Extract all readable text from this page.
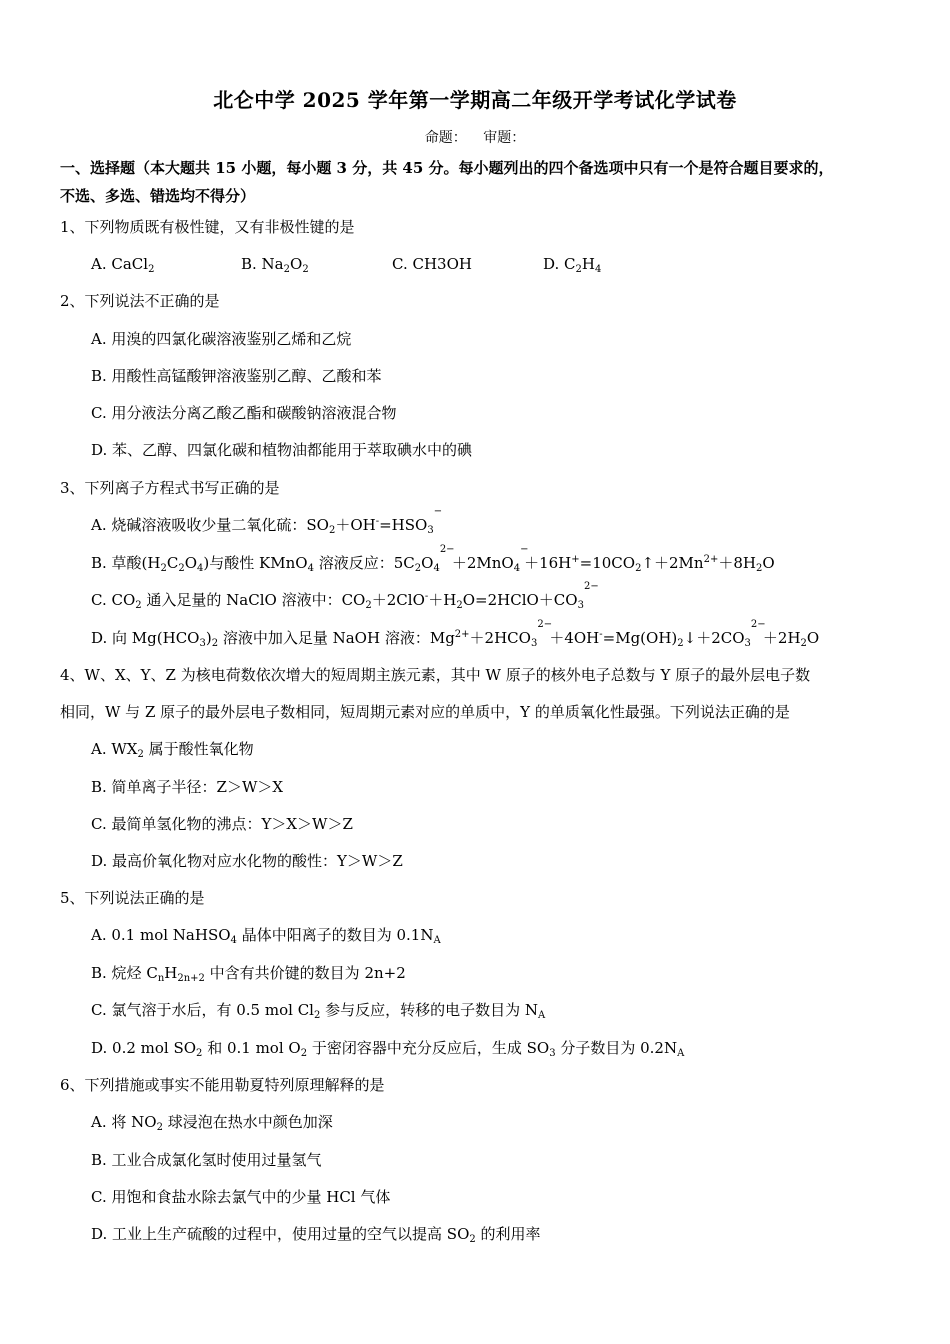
北仑中学 2025 学年第一学期高二年级开学考试化学试卷
命题： 审题：
一、选择题（本大题共 15 小题，每小题 3 分，共 45 分。每小题列出的四个备选项中只有一个是符合题目要求的，
不选、多选、错选均不得分）
1、下列物质既有极性键，又有非极性键的是
A. CaCl$_2$	B. $Na_2O_2$	C. CH3OH	D. $C_2H_4$
2、下列说法不正确的是
A. 用溴的四氯化碳溶液鉴别乙烯和乙烷
B. 用酸性高锰酸钾溶液鉴别乙醇、乙酸和苯
C. 用分液法分离乙酸乙酯和碳酸钠溶液混合物
D. 苯、乙醇、四氯化碳和植物油都能用于萃取碘水中的碘
3、下列离子方程式书写正确的是
A. 烧碱溶液吸收少量二氧化硫：$SO_2+OH^-=HSO_3$
−
B. 草酸$(H_2C_2O_4)$与酸性 KMnO$_4$ 溶液反应：$5C_2O_4$
2−
＋2MnO$_4$
−
$+16H^+=10CO_2↑+2Mn^{2+}+8H_2O$
C. $CO_2$ 通入足量的 NaClO 溶液中：$CO_2+2ClO^-+H_2O=2HClO+CO_3$
2−
D. 向 $Mg(HCO_3)_2$ 溶液中加入足量 NaOH 溶液：$Mg^{2+}+2HCO_3$
2−
$+4OH^-=Mg(OH)_2↓+2CO_3$
2−
$+2H_2O$
4、W、X、Y、Z 为核电荷数依次增大的短周期主族元素，其中 W 原子的核外电子总数与 Y 原子的最外层电子数
相同，W 与 Z 原子的最外层电子数相同，短周期元素对应的单质中，Y 的单质氧化性最强。下列说法正确的是
A. $WX_2$ 属于酸性氧化物
B. 简单离子半径：Z＞W＞X
C. 最简单氢化物的沸点：Y＞X＞W＞Z
D. 最高价氧化物对应水化物的酸性：Y＞W＞Z
5、下列说法正确的是
A. 0.1 mol NaHSO$_4$ 晶体中阳离子的数目为 $0.1N_A$
B. 烷烃 $C_nH_{2n+2}$ 中含有共价键的数目为 2n+2
C. 氯气溶于水后，有 0.5 mol $Cl_2$ 参与反应，转移的电子数目为 $N_A$
D. 0.2 mol $SO_2$ 和 0.1 mol $O_2$ 于密闭容器中充分反应后，生成 $SO_3$ 分子数目为 $0.2N_A$
6、下列措施或事实不能用勒夏特列原理解释的是
A. 将 $NO_2$ 球浸泡在热水中颜色加深
B. 工业合成氯化氢时使用过量氢气
C. 用饱和食盐水除去氯气中的少量 HCl 气体
D. 工业上生产硫酸的过程中，使用过量的空气以提高 $SO_2$ 的利用率
